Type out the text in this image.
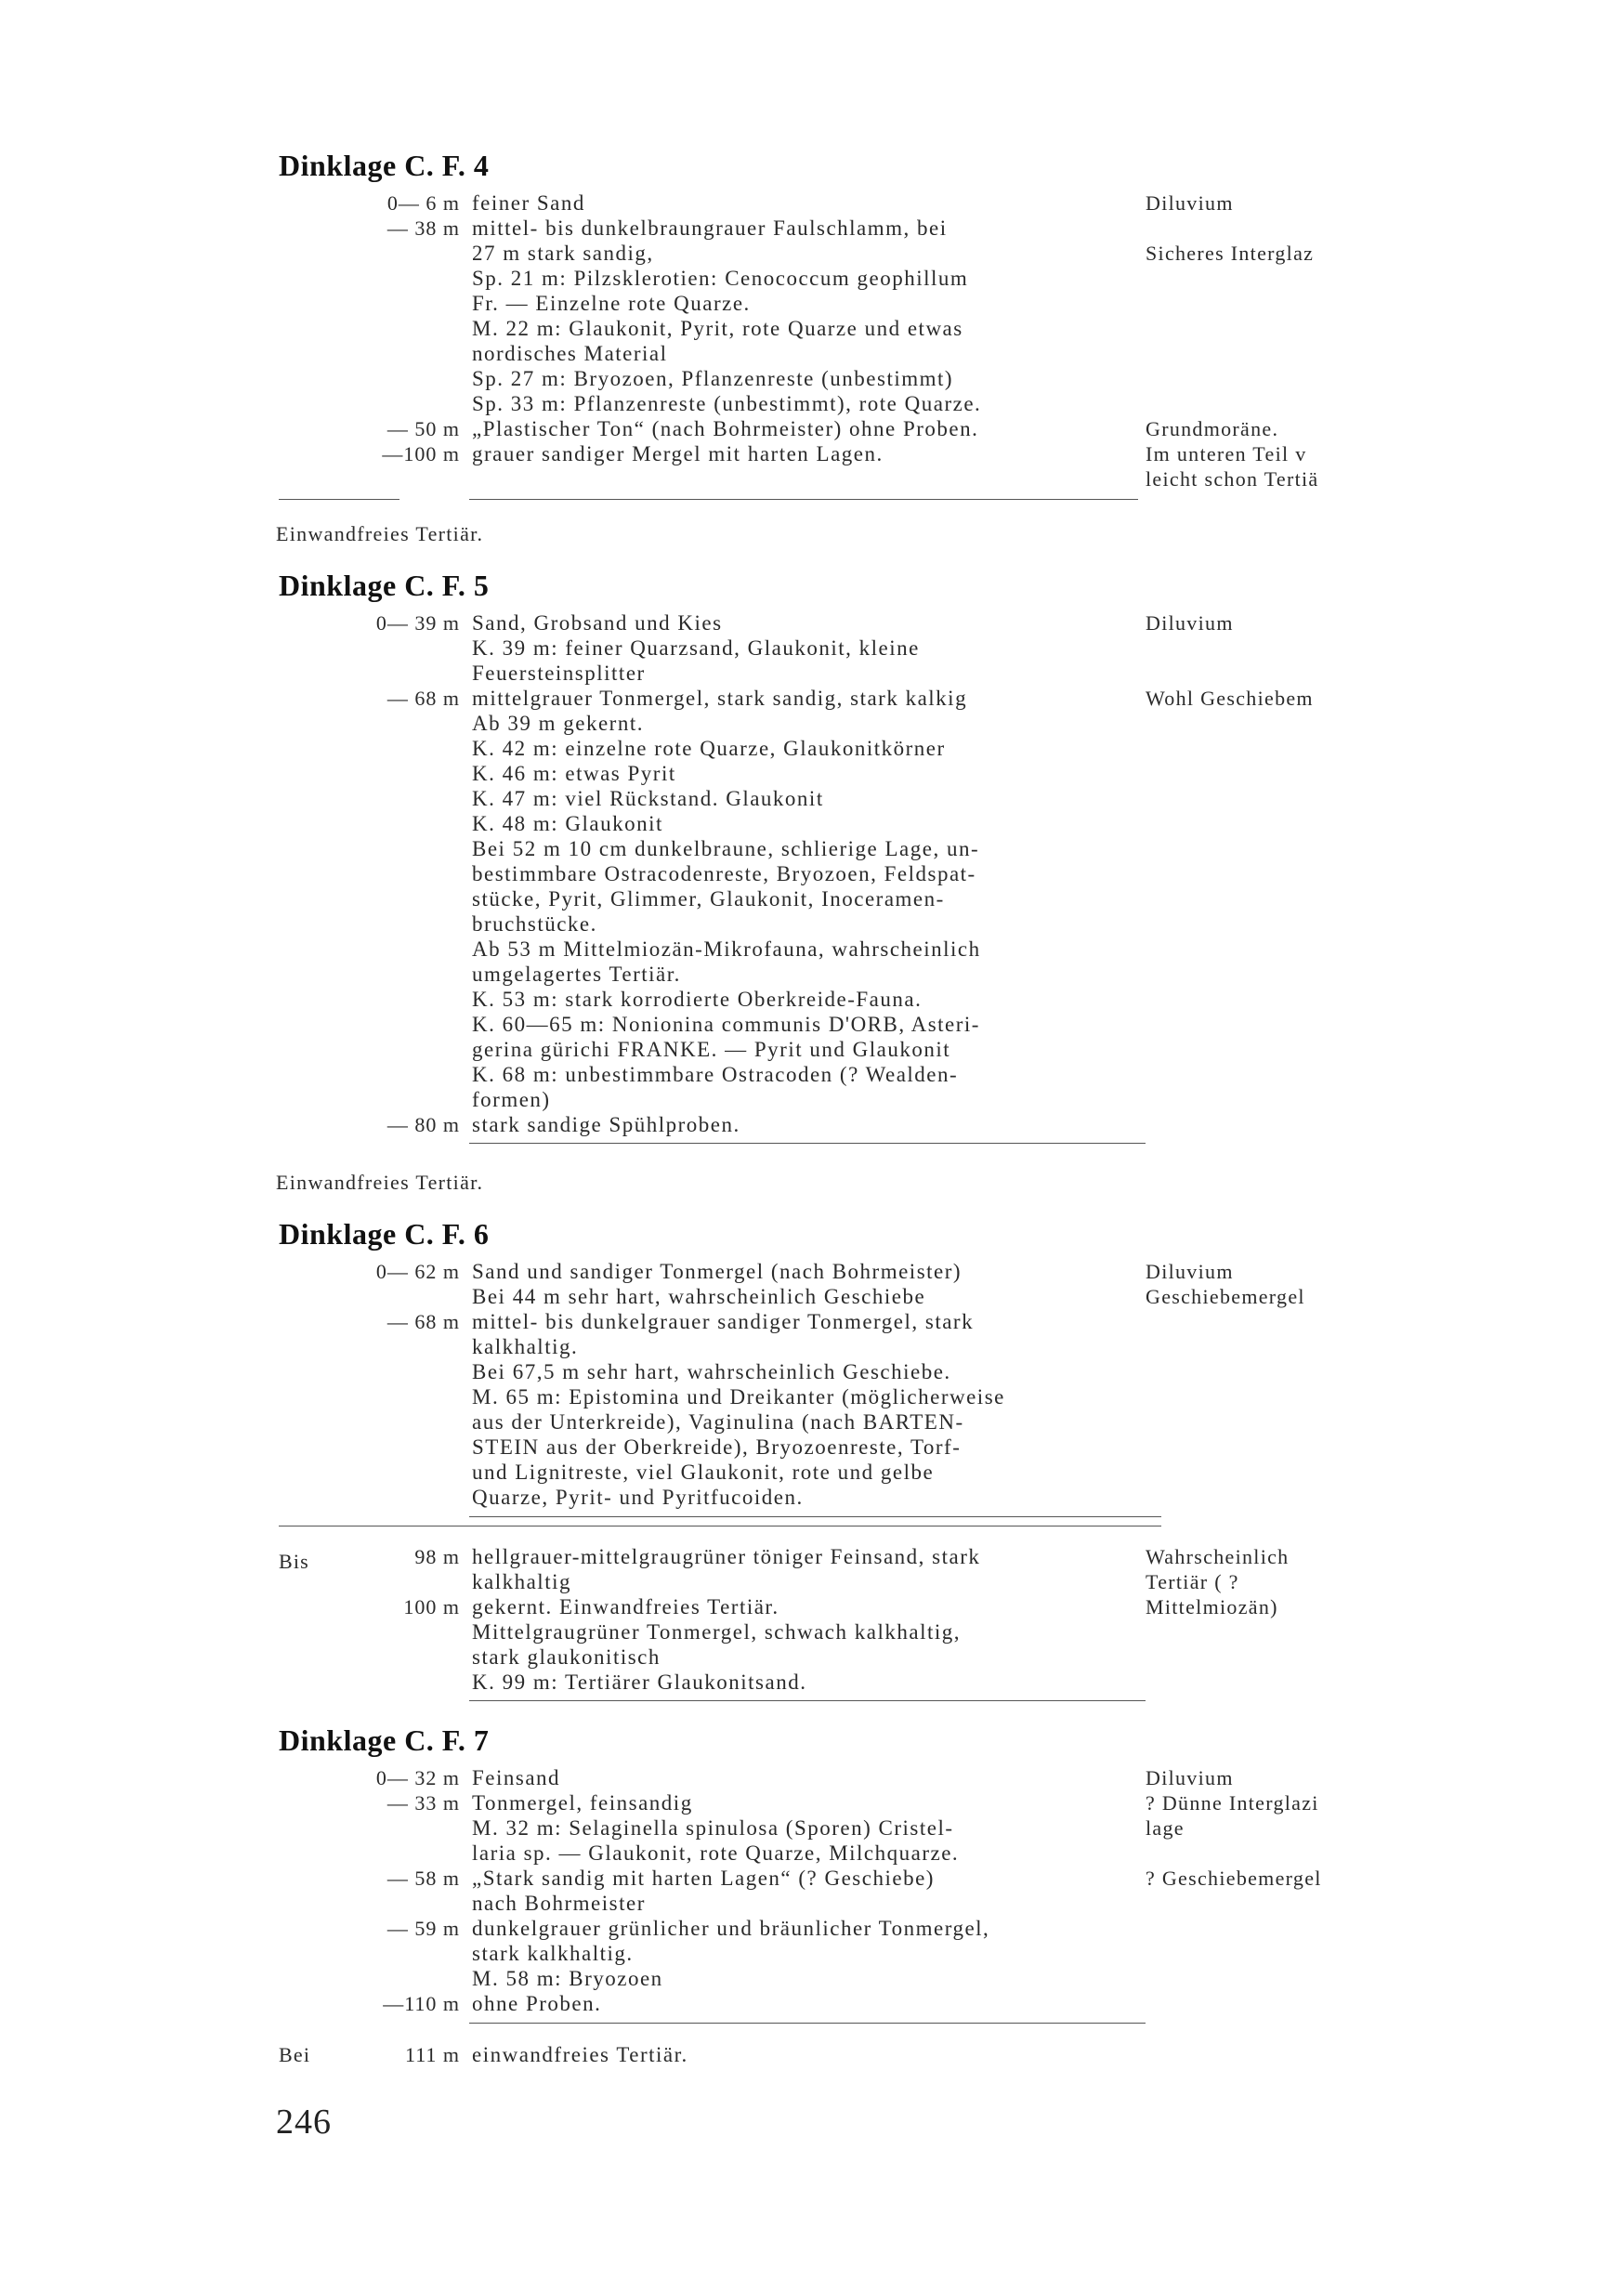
Dinklage C. F. 4
0— 6 m feiner Sand	Diluvium
— 38 m mittel- bis dunkelbraungrauer Faulschlamm, bei
27 m stark sandig,	Sicheres Interglaz
Sp. 21 m: Pilzsklerotien: Cenococcum geophillum
Fr. — Einzelne rote Quarze.
M. 22 m: Glaukonit, Pyrit, rote Quarze und etwas
nordisches Material
Sp. 27 m: Bryozoen, Pflanzenreste (unbestimmt)
Sp. 33 m: Pflanzenreste (unbestimmt), rote Quarze.
— 50 m „Plastischer Ton“ (nach Bohrmeister) ohne Proben.	Grundmoräne.
—100 m grauer sandiger Mergel mit harten Lagen.	Im unteren Teil v
leicht schon Tertiä
Einwandfreies Tertiär.
Dinklage C. F. 5
0— 39 m Sand, Grobsand und Kies	Diluvium
K. 39 m: feiner Quarzsand, Glaukonit, kleine
Feuersteinsplitter
— 68 m mittelgrauer Tonmergel, stark sandig, stark kalkig	Wohl Geschiebem
Ab 39 m gekernt.
K. 42 m: einzelne rote Quarze, Glaukonitkörner
K. 46 m: etwas Pyrit
K. 47 m: viel Rückstand. Glaukonit
K. 48 m: Glaukonit
Bei 52 m 10 cm dunkelbraune, schlierige Lage, un-
bestimmbare Ostracodenreste, Bryozoen, Feldspat-
stücke, Pyrit, Glimmer, Glaukonit, Inoceramen-
bruchstücke.
Ab 53 m Mittelmiozän-Mikrofauna, wahrscheinlich
umgelagertes Tertiär.
K. 53 m: stark korrodierte Oberkreide-Fauna.
K. 60—65 m: Nonionina communis D'ORB, Asteri-
gerina gürichi FRANKE. — Pyrit und Glaukonit
K. 68 m: unbestimmbare Ostracoden (? Wealden-
formen)
— 80 m stark sandige Spühlproben.
Einwandfreies Tertiär.
Dinklage C. F. 6
0— 62 m Sand und sandiger Tonmergel (nach Bohrmeister)	Diluvium
Bei 44 m sehr hart, wahrscheinlich Geschiebe	Geschiebemergel
— 68 m mittel- bis dunkelgrauer sandiger Tonmergel, stark
kalkhaltig.
Bei 67,5 m sehr hart, wahrscheinlich Geschiebe.
M. 65 m: Epistomina und Dreikanter (möglicherweise
aus der Unterkreide), Vaginulina (nach BARTEN-
STEIN aus der Oberkreide), Bryozoenreste, Torf-
und Lignitreste, viel Glaukonit, rote und gelbe
Quarze, Pyrit- und Pyritfucoiden.
Bis	98 m hellgrauer-mittelgraugrüner töniger Feinsand, stark	Wahrscheinlich
kalkhaltig	Tertiär ( ?
100 m gekernt. Einwandfreies Tertiär.	Mittelmiozän)
Mittelgraugrüner Tonmergel, schwach kalkhaltig,
stark glaukonitisch
K. 99 m: Tertiärer Glaukonitsand.
Dinklage C. F. 7
0— 32 m Feinsand	Diluvium
— 33 m Tonmergel, feinsandig	? Dünne Interglazi
M. 32 m: Selaginella spinulosa (Sporen) Cristel-	lage
laria sp. — Glaukonit, rote Quarze, Milchquarze.
— 58 m „Stark sandig mit harten Lagen“ (? Geschiebe)	? Geschiebemergel
nach Bohrmeister
— 59 m dunkelgrauer grünlicher und bräunlicher Tonmergel,
stark kalkhaltig.
M. 58 m: Bryozoen
—110 m ohne Proben.
Bei	111 m einwandfreies Tertiär.
246
